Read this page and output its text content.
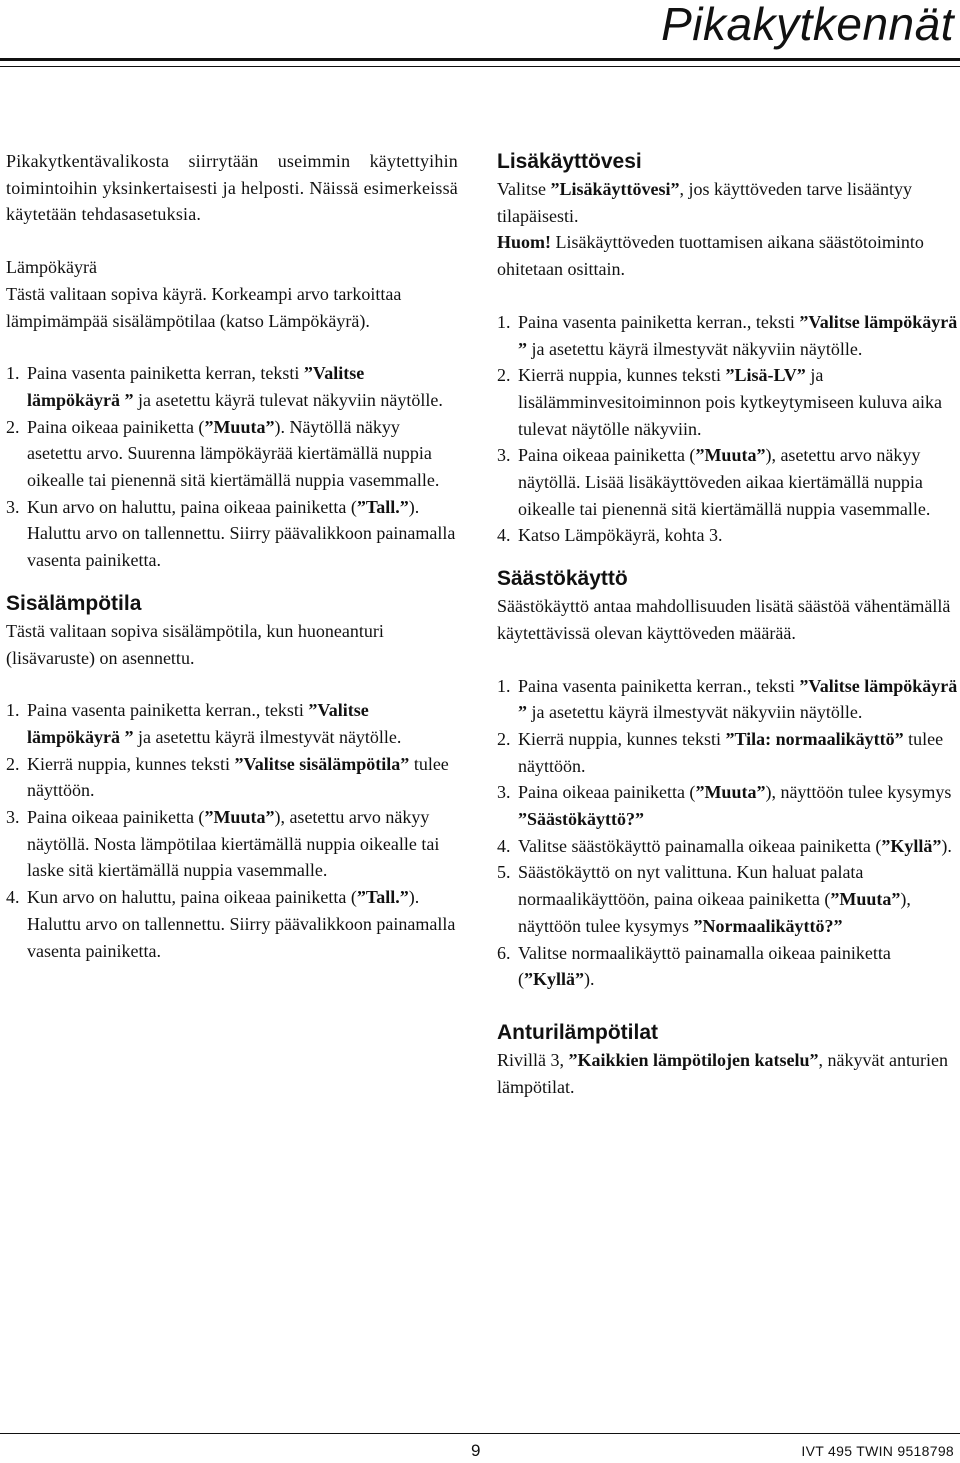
Pikakytkennät

Pikakytkentävalikosta siirrytään useimmin käytettyihin toimintoihin yksinkertaisesti ja helposti. Näissä esimerkeissä käytetään tehdasasetuksia.

Lämpökäyrä

Tästä valitaan sopiva käyrä. Korkeampi arvo tarkoittaa lämpimämpää sisälämpötilaa (katso Lämpökäyrä).

1. Paina vasenta painiketta kerran, teksti ”Valitse lämpökäyrä ” ja asetettu käyrä tulevat näkyviin näytölle.
2. Paina oikeaa painiketta (”Muuta”). Näytöllä näkyy asetettu arvo. Suurenna lämpökäyrää kiertämällä nuppia oikealle tai pienennä sitä kiertämällä nuppia vasemmalle.
3. Kun arvo on haluttu, paina oikeaa painiketta (”Tall.”). Haluttu arvo on tallennettu. Siirry päävalikkoon painamalla vasenta painiketta.
Sisälämpötila

Tästä valitaan sopiva sisälämpötila, kun huoneanturi (lisävaruste) on asennettu.

1. Paina vasenta painiketta kerran., teksti ”Valitse lämpökäyrä ” ja asetettu käyrä ilmestyvät näytölle.
2. Kierrä nuppia, kunnes teksti ”Valitse sisälämpötila” tulee näyttöön.
3. Paina oikeaa painiketta (”Muuta”), asetettu arvo näkyy näytöllä. Nosta lämpötilaa kiertämällä nuppia oikealle tai laske sitä kiertämällä nuppia vasemmalle.
4. Kun arvo on haluttu, paina oikeaa painiketta (”Tall.”). Haluttu arvo on tallennettu. Siirry päävalikkoon painamalla vasenta painiketta.
Lisäkäyttövesi

Valitse ”Lisäkäyttövesi”, jos käyttöveden tarve lisääntyy tilapäisesti.

Huom! Lisäkäyttöveden tuottamisen aikana säästötoiminto ohitetaan osittain.

1. Paina vasenta painiketta kerran., teksti ”Valitse lämpökäyrä ” ja asetettu käyrä ilmestyvät näkyviin näytölle.
2. Kierrä nuppia, kunnes teksti ”Lisä-LV” ja lisälämminvesitoiminnon pois kytkeytymiseen kuluva aika tulevat näytölle näkyviin.
3. Paina oikeaa painiketta (”Muuta”), asetettu arvo näkyy näytöllä. Lisää lisäkäyttöveden aikaa kiertämällä nuppia oikealle tai pienennä sitä kiertämällä nuppia vasemmalle.
4. Katso Lämpökäyrä, kohta 3.
Säästökäyttö

Säästökäyttö antaa mahdollisuuden lisätä säästöä vähentämällä käytettävissä olevan käyttöveden määrää.

1. Paina vasenta painiketta kerran., teksti ”Valitse lämpökäyrä ” ja asetettu käyrä ilmestyvät näkyviin näytölle.
2. Kierrä nuppia, kunnes teksti ”Tila: normaalikäyttö” tulee näyttöön.
3. Paina oikeaa painiketta (”Muuta”), näyttöön tulee kysymys ”Säästökäyttö?”
4. Valitse säästökäyttö painamalla oikeaa painiketta (”Kyllä”).
5. Säästökäyttö on nyt valittuna. Kun haluat palata normaalikäyttöön, paina oikeaa painiketta (”Muuta”), näyttöön tulee kysymys ”Normaalikäyttö?”
6. Valitse normaalikäyttö painamalla oikeaa painiketta (”Kyllä”).
Anturilämpötilat

Rivillä 3, ”Kaikkien lämpötilojen katselu”, näkyvät anturien lämpötilat.

9	IVT 495 TWIN 9518798
